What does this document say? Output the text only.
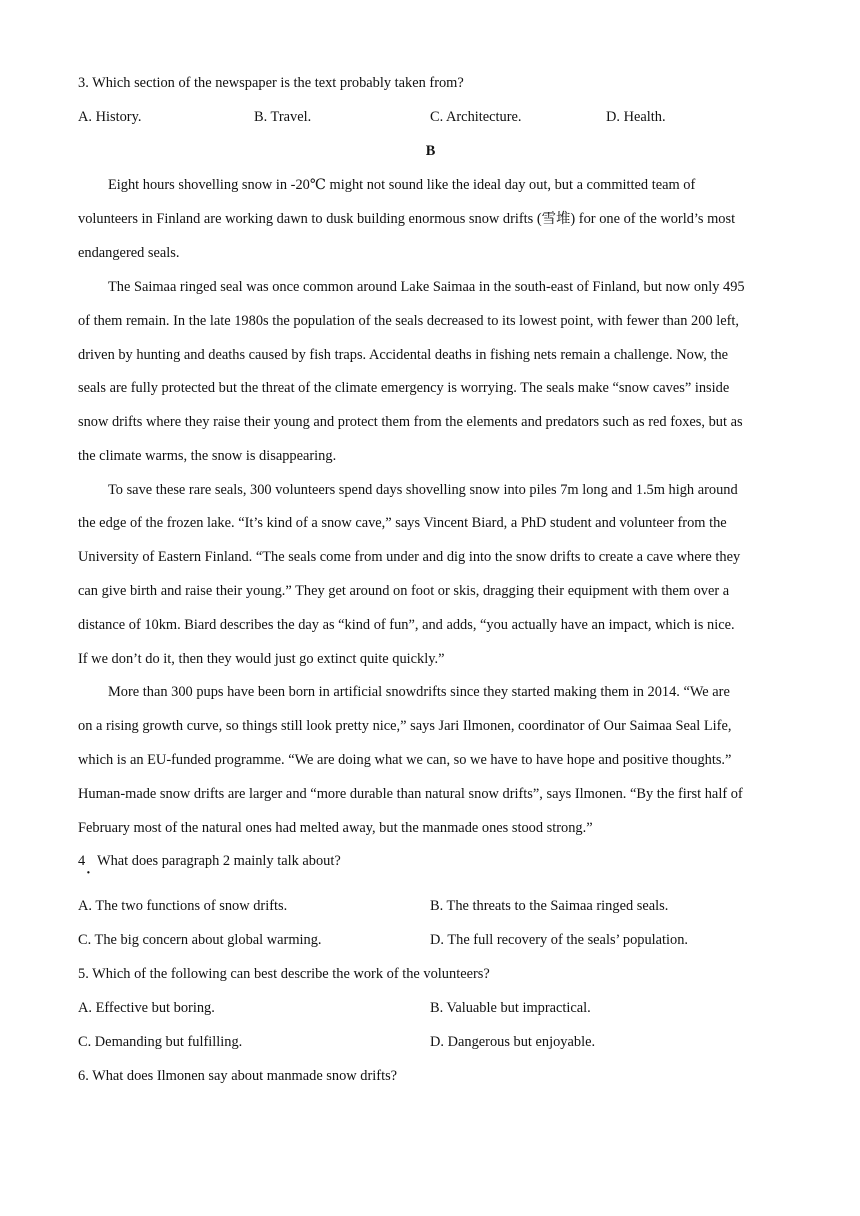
3. Which section of the newspaper is the text probably taken from?
A. History.	B. Travel.	C. Architecture.	D. Health.
B
Eight hours shovelling snow in -20℃ might not sound like the ideal day out, but a committed team of
volunteers in Finland are working dawn to dusk building enormous snow drifts (雪堆) for one of the world’s most
endangered seals.
The Saimaa ringed seal was once common around Lake Saimaa in the south-east of Finland, but now only 495
of them remain. In the late 1980s the population of the seals decreased to its lowest point, with fewer than 200 left,
driven by hunting and deaths caused by fish traps. Accidental deaths in fishing nets remain a challenge. Now, the
seals are fully protected but the threat of the climate emergency is worrying. The seals make “snow caves” inside
snow drifts where they raise their young and protect them from the elements and predators such as red foxes, but as
the climate warms, the snow is disappearing.
To save these rare seals, 300 volunteers spend days shovelling snow into piles 7m long and 1.5m high around
the edge of the frozen lake. “It’s kind of a snow cave,” says Vincent Biard, a PhD student and volunteer from the
University of Eastern Finland. “The seals come from under and dig into the snow drifts to create a cave where they
can give birth and raise their young.” They get around on foot or skis, dragging their equipment with them over a
distance of 10km. Biard describes the day as “kind of fun”, and adds, “you actually have an impact, which is nice.
If we don’t do it, then they would just go extinct quite quickly.”
More than 300 pups have been born in artificial snowdrifts since they started making them in 2014. “We are
on a rising growth curve, so things still look pretty nice,” says Jari Ilmonen, coordinator of Our Saimaa Seal Life,
which is an EU-funded programme. “We are doing what we can, so we have to have hope and positive thoughts.”
Human-made snow drifts are larger and “more durable than natural snow drifts”, says Ilmonen. “By the first half of
February most of the natural ones had melted away, but the manmade ones stood strong.”
4 What does paragraph 2 mainly talk about?
·
A. The two functions of snow drifts.	B. The threats to the Saimaa ringed seals.
C. The big concern about global warming.	D. The full recovery of the seals’ population.
5. Which of the following can best describe the work of the volunteers?
A. Effective but boring.	B. Valuable but impractical.
C. Demanding but fulfilling.	D. Dangerous but enjoyable.
6. What does Ilmonen say about manmade snow drifts?
